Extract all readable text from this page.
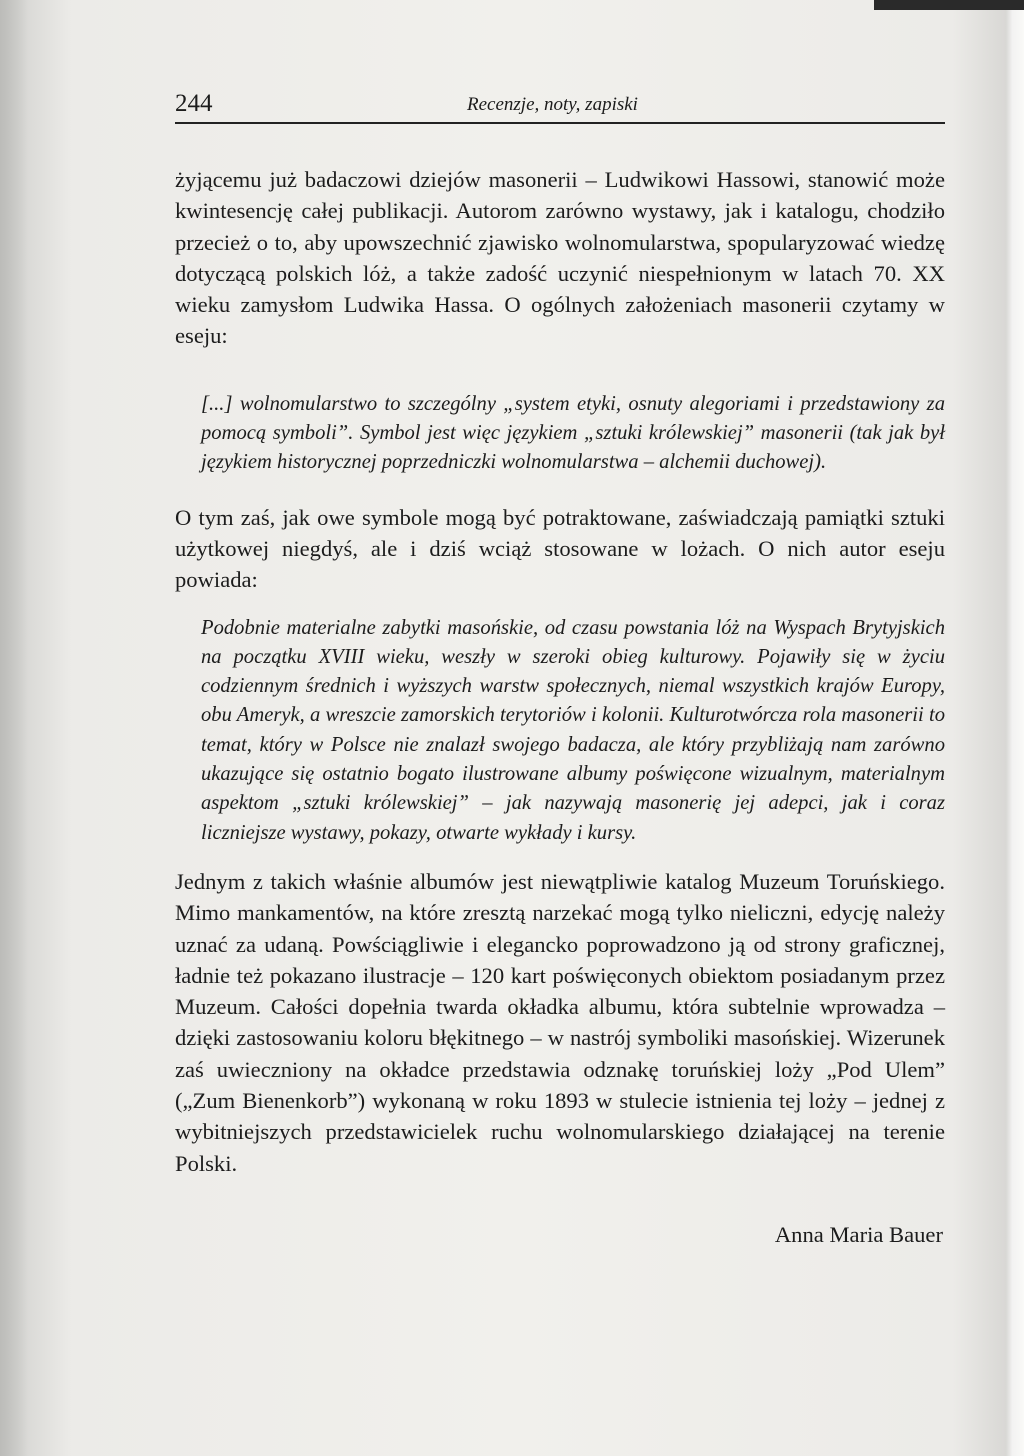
244	Recenzje, noty, zapiski

żyjącemu już badaczowi dziejów masonerii – Ludwikowi Hassowi, stanowić może kwintesencję całej publikacji. Autorom zarówno wystawy, jak i katalogu, chodziło przecież o to, aby upowszechnić zjawisko wolnomularstwa, spopularyzować wiedzę dotyczącą polskich lóż, a także zadość uczynić niespełnionym w latach 70. XX wieku zamysłom Ludwika Hassa. O ogólnych założeniach masonerii czytamy w eseju:

[...] wolnomularstwo to szczególny „system etyki, osnuty alegoriami i przedstawiony za pomocą symboli”. Symbol jest więc językiem „sztuki królewskiej” masonerii (tak jak był językiem historycznej poprzedniczki wolnomularstwa – alchemii duchowej).

O tym zaś, jak owe symbole mogą być potraktowane, zaświadczają pamiątki sztuki użytkowej niegdyś, ale i dziś wciąż stosowane w lożach. O nich autor eseju powiada:

Podobnie materialne zabytki masońskie, od czasu powstania lóż na Wyspach Brytyjskich na początku XVIII wieku, weszły w szeroki obieg kulturowy. Pojawiły się w życiu codziennym średnich i wyższych warstw społecznych, niemal wszystkich krajów Europy, obu Ameryk, a wreszcie zamorskich terytoriów i kolonii. Kulturotwórcza rola masonerii to temat, który w Polsce nie znalazł swojego badacza, ale który przybliżają nam zarówno ukazujące się ostatnio bogato ilustrowane albumy poświęcone wizualnym, materialnym aspektom „sztuki królewskiej” – jak nazywają masonerię jej adepci, jak i coraz liczniejsze wystawy, pokazy, otwarte wykłady i kursy.

Jednym z takich właśnie albumów jest niewątpliwie katalog Muzeum Toruńskiego. Mimo mankamentów, na które zresztą narzekać mogą tylko nieliczni, edycję należy uznać za udaną. Powściągliwie i elegancko poprowadzono ją od strony graficznej, ładnie też pokazano ilustracje – 120 kart poświęconych obiektom posiadanym przez Muzeum. Całości dopełnia twarda okładka albumu, która subtelnie wprowadza – dzięki zastosowaniu koloru błękitnego – w nastrój symboliki masońskiej. Wizerunek zaś uwieczniony na okładce przedstawia odznakę toruńskiej loży „Pod Ulem” („Zum Bienenkorb”) wykonaną w roku 1893 w stulecie istnienia tej loży – jednej z wybitniejszych przedstawicielek ruchu wolnomularskiego działającej na terenie Polski.

Anna Maria Bauer
